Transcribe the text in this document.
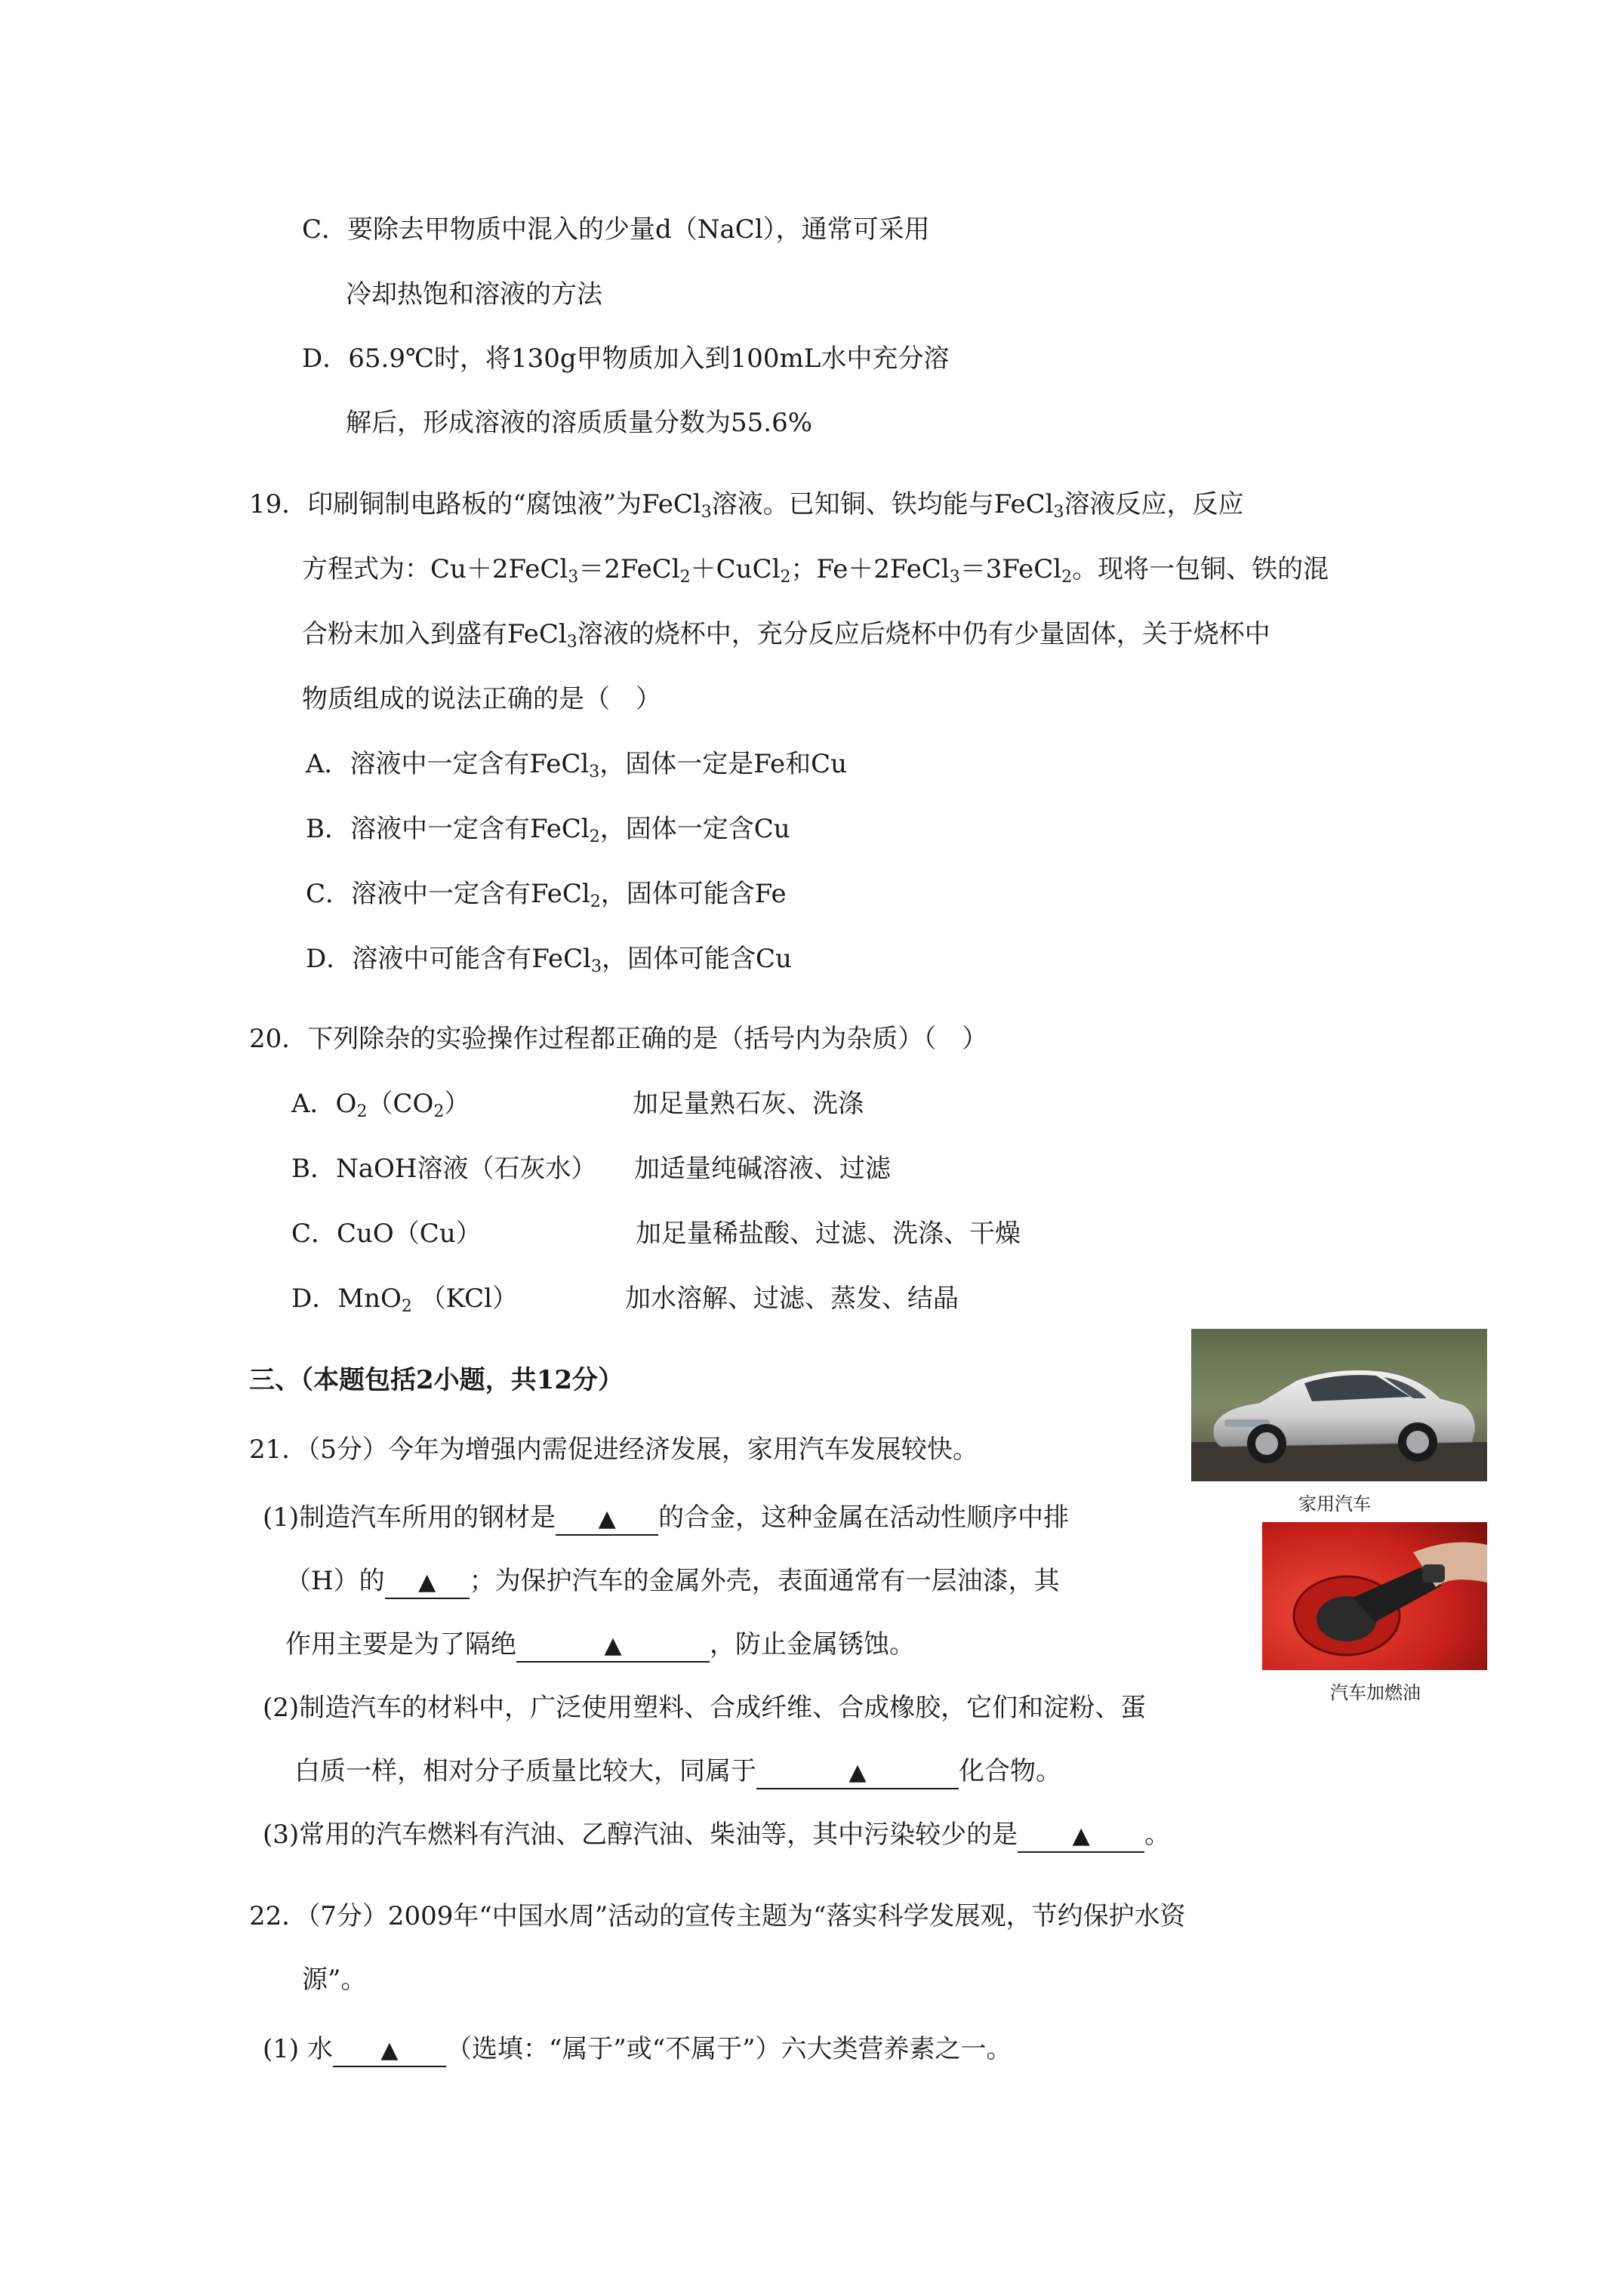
C．要除去甲物质中混入的少量d（NaCl），通常可采用
冷却热饱和溶液的方法
D．65.9℃时，将130g甲物质加入到100mL水中充分溶
解后，形成溶液的溶质质量分数为55.6%
19．印刷铜制电路板的“腐蚀液”为FeCl$_3$溶液。已知铜、铁均能与FeCl$_3$溶液反应，反应
方程式为：Cu＋2FeCl$_3$＝2FeCl$_2$＋CuCl$_2$；Fe＋2FeCl$_3$＝3FeCl$_2$。现将一包铜、铁的混
合粉末加入到盛有FeCl$_3$溶液的烧杯中，充分反应后烧杯中仍有少量固体，关于烧杯中
物质组成的说法正确的是（　）
A．溶液中一定含有FeCl$_3$，固体一定是Fe和Cu
B．溶液中一定含有FeCl$_2$，固体一定含Cu
C．溶液中一定含有FeCl$_2$，固体可能含Fe
D．溶液中可能含有FeCl$_3$，固体可能含Cu
20．下列除杂的实验操作过程都正确的是（括号内为杂质）（　）
A．$O_2(CO_2)$	加足量熟石灰、洗涤
B．NaOH溶液（石灰水） 加适量纯碱溶液、过滤
C．CuO（Cu）	加足量稀盐酸、过滤、洗涤、干燥
D．MnO$_2$ （KCl）	加水溶解、过滤、蒸发、结晶
三、（本题包括2小题，共12分）
21．（5分）今年为增强内需促进经济发展，家用汽车发展较快。
(1)制造汽车所用的钢材是 ▲ 的合金，这种金属在活动性顺序中排
（H）的 ▲ ；为保护汽车的金属外壳，表面通常有一层油漆，其
作用主要是为了隔绝	▲	，防止金属锈蚀。
(2)制造汽车的材料中，广泛使用塑料、合成纤维、合成橡胶，它们和淀粉、蛋
白质一样，相对分子质量比较大，同属于	▲	化合物。
(3)常用的汽车燃料有汽油、乙醇汽油、柴油等，其中污染较少的是 ▲ 。
家用汽车
汽车加燃油
22．（7分）2009年“中国水周”活动的宣传主题为“落实科学发展观，节约保护水资
源”。
(1) 水 ▲ （选填：“属于”或“不属于”）六大类营养素之一。
